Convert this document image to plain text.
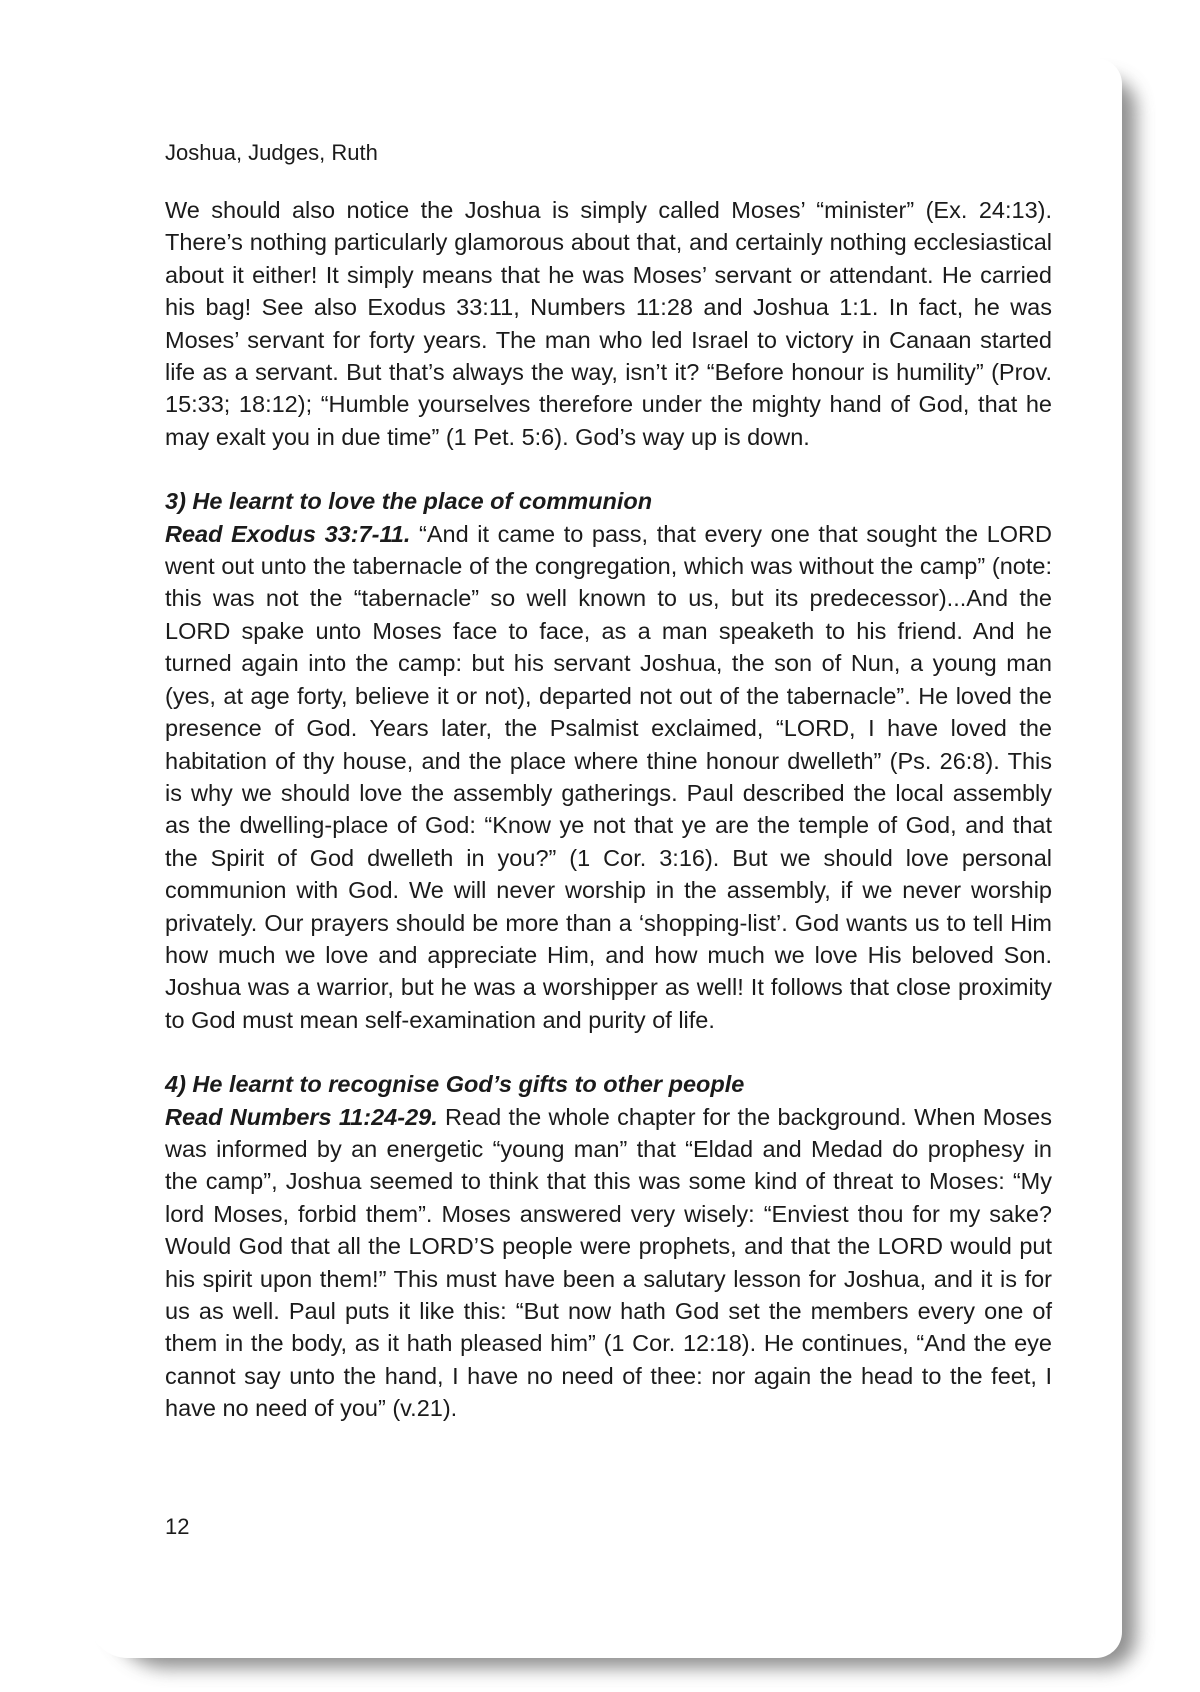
Joshua, Judges, Ruth

We should also notice the Joshua is simply called Moses’ “minister” (Ex. 24:13). There’s nothing particularly glamorous about that, and certainly nothing ecclesiastical about it either! It simply means that he was Moses’ servant or attendant. He carried his bag! See also Exodus 33:11, Numbers 11:28 and Joshua 1:1. In fact, he was Moses’ servant for forty years. The man who led Israel to victory in Canaan started life as a servant. But that’s always the way, isn’t it? “Before honour is humility” (Prov. 15:33; 18:12); “Humble yourselves therefore under the mighty hand of God, that he may exalt you in due time” (1 Pet. 5:6). God’s way up is down.

3) He learnt to love the place of communion

Read Exodus 33:7-11. “And it came to pass, that every one that sought the LORD went out unto the tabernacle of the congregation, which was without the camp” (note: this was not the “tabernacle” so well known to us, but its predecessor)...And the LORD spake unto Moses face to face, as a man speaketh to his friend. And he turned again into the camp: but his servant Joshua, the son of Nun, a young man (yes, at age forty, believe it or not), departed not out of the tabernacle”. He loved the presence of God. Years later, the Psalmist exclaimed, “LORD, I have loved the habitation of thy house, and the place where thine honour dwelleth” (Ps. 26:8). This is why we should love the assembly gatherings. Paul described the local assembly as the dwelling-place of God: “Know ye not that ye are the temple of God, and that the Spirit of God dwelleth in you?” (1 Cor. 3:16). But we should love personal communion with God. We will never worship in the assembly, if we never worship privately. Our prayers should be more than a ‘shopping-list’. God wants us to tell Him how much we love and appreciate Him, and how much we love His beloved Son. Joshua was a warrior, but he was a worshipper as well! It follows that close proximity to God must mean self-examination and purity of life.

4) He learnt to recognise God’s gifts to other people

Read Numbers 11:24-29. Read the whole chapter for the background. When Moses was informed by an energetic “young man” that “Eldad and Medad do prophesy in the camp”, Joshua seemed to think that this was some kind of threat to Moses: “My lord Moses, forbid them”. Moses answered very wisely: “Enviest thou for my sake? Would God that all the LORD’S people were prophets, and that the LORD would put his spirit upon them!” This must have been a salutary lesson for Joshua, and it is for us as well. Paul puts it like this: “But now hath God set the members every one of them in the body, as it hath pleased him” (1 Cor. 12:18). He continues, “And the eye cannot say unto the hand, I have no need of thee: nor again the head to the feet, I have no need of you” (v.21).

12
